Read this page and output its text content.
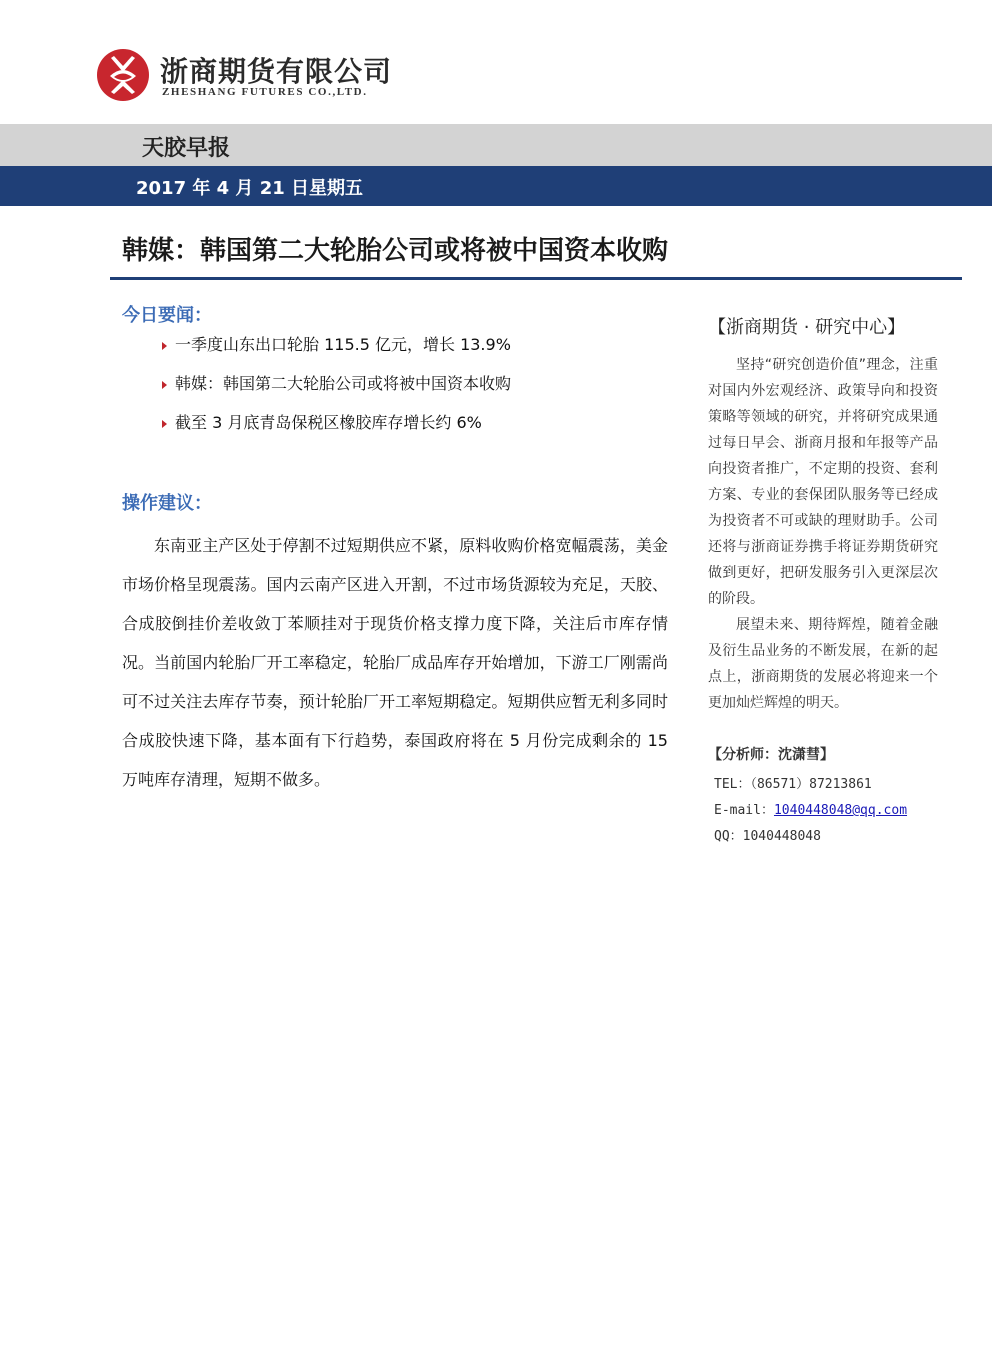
浙商期货有限公司
ZHESHANG FUTURES CO.,LTD.
天胶早报
2017 年 4 月 21 日星期五
韩媒：韩国第二大轮胎公司或将被中国资本收购
今日要闻：
一季度山东出口轮胎 115.5 亿元，增长 13.9%
韩媒：韩国第二大轮胎公司或将被中国资本收购
截至 3 月底青岛保税区橡胶库存增长约 6%
操作建议：

东南亚主产区处于停割不过短期供应不紧，原料收购价格宽幅震荡，美金市场价格呈现震荡。国内云南产区进入开割，不过市场货源较为充足，天胶、合成胶倒挂价差收敛丁苯顺挂对于现货价格支撑力度下降，关注后市库存情况。当前国内轮胎厂开工率稳定，轮胎厂成品库存开始增加，下游工厂刚需尚可不过关注去库存节奏，预计轮胎厂开工率短期稳定。短期供应暂无利多同时合成胶快速下降，基本面有下行趋势，泰国政府将在 5 月份完成剩余的 15 万吨库存清理，短期不做多。

【浙商期货 · 研究中心】

坚持“研究创造价值”理念，注重对国内外宏观经济、政策导向和投资策略等领域的研究，并将研究成果通过每日早会、浙商月报和年报等产品向投资者推广，不定期的投资、套利方案、专业的套保团队服务等已经成为投资者不可或缺的理财助手。公司还将与浙商证券携手将证券期货研究做到更好，把研发服务引入更深层次的阶段。

展望未来、期待辉煌，随着金融及衍生品业务的不断发展，在新的起点上，浙商期货的发展必将迎来一个更加灿烂辉煌的明天。

【分析师：沈潇彗】
TEL：（86571）87213861
E-mail：1040448048@qq.com
QQ：1040448048
